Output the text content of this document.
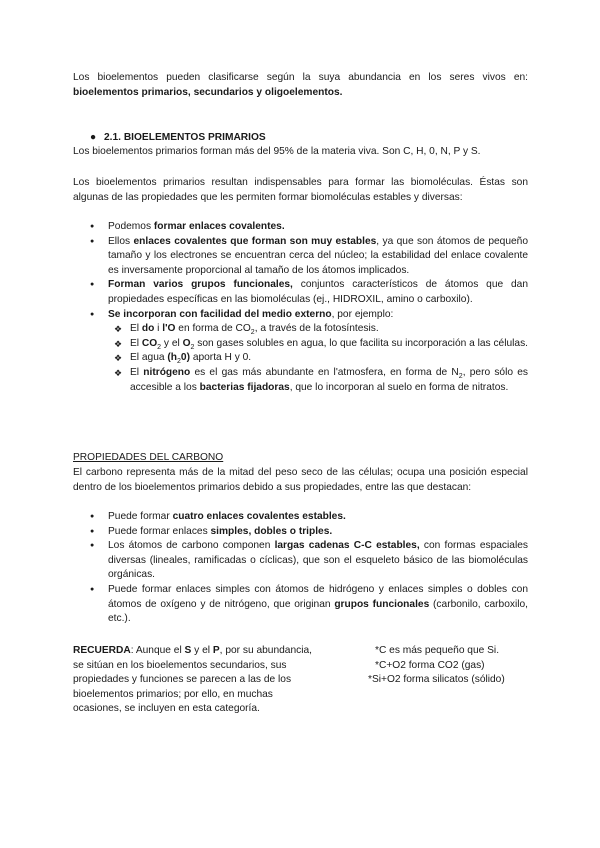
Los bioelementos pueden clasificarse según la suya abundancia en los seres vivos en: bioelementos primarios, secundarios y oligoelementos.

● 2.1. BIOELEMENTOS PRIMARIOS

Los bioelementos primarios forman más del 95% de la materia viva. Son C, H, 0, N, P y S.

Los bioelementos primarios resultan indispensables para formar las biomoléculas. Éstas son algunas de las propiedades que les permiten formar biomoléculas estables y diversas:

● Podemos formar enlaces covalentes.
● Ellos enlaces covalentes que forman son muy estables, ya que son átomos de pequeño tamaño y los electrones se encuentran cerca del núcleo; la estabilidad del enlace covalente es inversamente proporcional al tamaño de los átomos implicados.
● Forman varios grupos funcionales, conjuntos característicos de átomos que dan propiedades específicas en las biomoléculas (ej., HIDROXIL, amino o carboxilo).
● Se incorporan con facilidad del medio externo, por ejemplo:
❖ El do i l'O en forma de $CO_2$, a través de la fotosíntesis.
❖ El $CO_2$ y el $O_2$ son gases solubles en agua, lo que facilita su incorporación a las células.
❖ El agua $(h_20)$ aporta H y 0.
❖ El nitrógeno es el gas más abundante en l'atmosfera, en forma de $N_2$, pero sólo es accesible a los bacterias fijadoras, que lo incorporan al suelo en forma de nitratos.

PROPIEDADES DEL CARBONO

El carbono representa más de la mitad del peso seco de las células; ocupa una posición especial dentro de los bioelementos primarios debido a sus propiedades, entre las que destacan:

● Puede formar cuatro enlaces covalentes estables.
● Puede formar enlaces simples, dobles o triples.
● Los átomos de carbono componen largas cadenas C-C estables, con formas espaciales diversas (lineales, ramificadas o cíclicas), que son el esqueleto básico de las biomoléculas orgánicas.
● Puede formar enlaces simples con átomos de hidrógeno y enlaces simples o dobles con átomos de oxígeno y de nitrógeno, que originan grupos funcionales (carbonilo, carboxilo, etc.).

RECUERDA: Aunque el S y el P, por su abundancia, se sitúan en los bioelementos secundarios, sus propiedades y funciones se parecen a las de los bioelementos primarios; por ello, en muchas ocasiones, se incluyen en esta categoría.

*C es más pequeño que Si.
*C+O2 forma CO2 (gas)
*Si+O2 forma silicatos (sólido)
